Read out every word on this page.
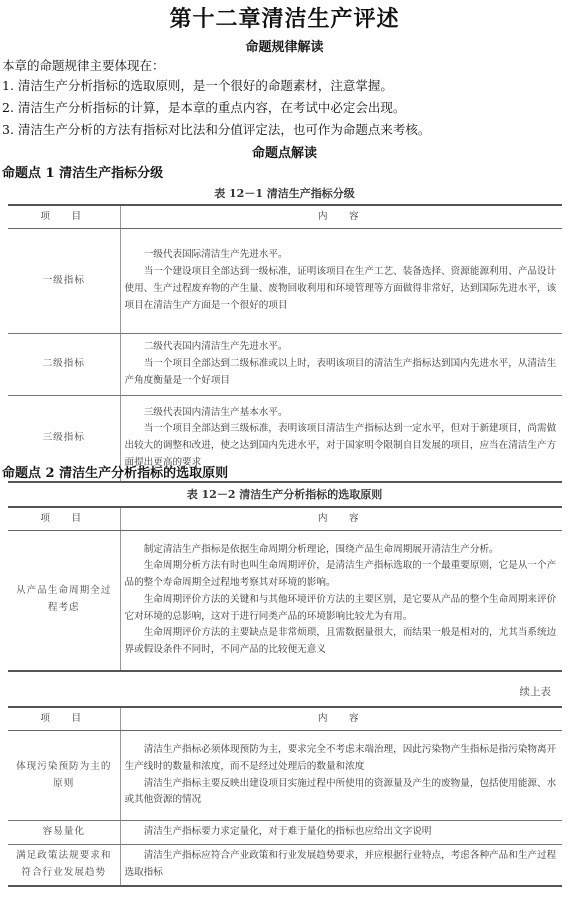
第十二章清洁生产评述
命题规律解读
本章的命题规律主要体现在：
1. 清洁生产分析指标的选取原则，是一个很好的命题素材，注意掌握。
2. 清洁生产分析指标的计算，是本章的重点内容，在考试中必定会出现。
3. 清洁生产分析的方法有指标对比法和分值评定法，也可作为命题点来考核。
命题点解读
命题点 1 清洁生产指标分级
表 12－1 清洁生产指标分级
项　目	内　容
一级指标	一级代表国际清洁生产先进水平。

当一个建设项目全部达到一级标准，证明该项目在生产工艺、装备选择、资源能源利用、产品设计使用、生产过程废弃物的产生量、废物回收利用和环境管理等方面做得非常好，达到国际先进水平，该项目在清洁生产方面是一个很好的项目

二级指标	二级代表国内清洁生产先进水平。

当一个项目全部达到二级标准或以上时，表明该项目的清洁生产指标达到国内先进水平，从清洁生产角度衡量是一个好项目

三级指标	三级代表国内清洁生产基本水平。

当一个项目全部达到三级标准，表明该项目清洁生产指标达到一定水平，但对于新建项目，尚需做出较大的调整和改进，使之达到国内先进水平，对于国家明令限制自目发展的项目，应当在清洁生产方面提出更高的要求

命题点 2 清洁生产分析指标的选取原则
表 12－2 清洁生产分析指标的选取原则
项　目	内　容
从产品生命周期全过程考虑	制定清洁生产指标是依据生命周期分析理论，围绕产品生命周期展开清洁生产分析。

生命周期分析方法有时也叫生命周期评价，是清洁生产指标选取的一个最重要原则，它是从一个产品的整个寿命周期全过程地考察其对环境的影响。

生命周期评价方法的关键和与其他环境评价方法的主要区别，是它要从产品的整个生命周期来评价它对环境的总影响，这对于进行同类产品的环境影响比较尤为有用。

生命周期评价方法的主要缺点是非常烦琐，且需数据量很大，而结果一般是相对的，尤其当系统边界或假设条件不同时，不同产品的比较便无意义

续上表
项　目	内　容
体现污染预防为主的原则	清洁生产指标必须体现预防为主，要求完全不考虑末端治理，因此污染物产生指标是指污染物离开生产线时的数量和浓度，而不是经过处理后的数量和浓度

清洁生产指标主要反映出建设项目实施过程中所使用的资源量及产生的废物量，包括使用能源、水或其他资源的情况

容易量化	清洁生产指标要力求定量化，对于难于量化的指标也应给出文字说明

满足政策法规要求和符合行业发展趋势	清洁生产指标应符合产业政策和行业发展趋势要求，并应根据行业特点，考虑各种产品和生产过程选取指标
